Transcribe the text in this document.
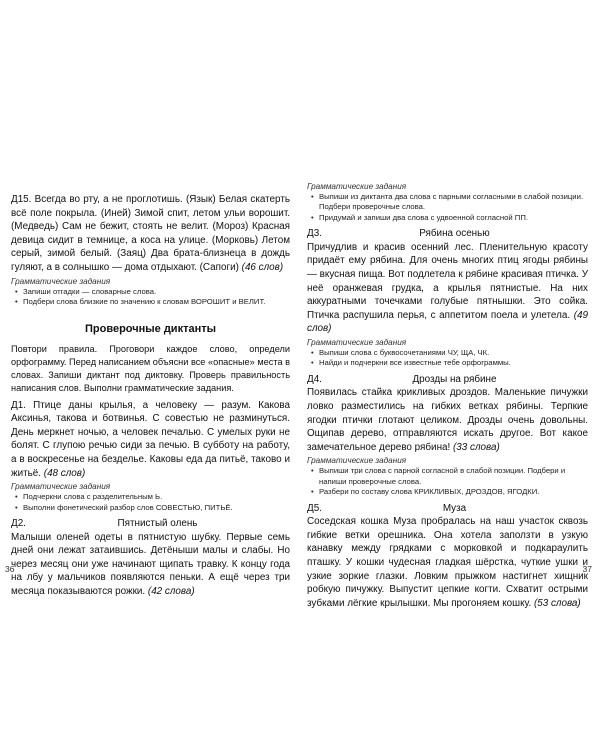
Д15. Всегда во рту, а не проглотишь. (Язык) Белая скатерть всё поле покрыла. (Иней) Зимой спит, летом ульи ворошит. (Медведь) Сам не бежит, стоять не велит. (Мороз) Красная девица сидит в темнице, а коса на улице. (Морковь) Летом серый, зимой белый. (Заяц) Два брата-близнеца в дождь гуляют, а в солнышко — дома отдыхают. (Сапоги) (46 слов)

Грамматические задания
• Запиши отгадки — словарные слова.
• Подбери слова близкие по значению к словам ВОРОШИТ и ВЕЛИТ.
Проверочные диктанты

Повтори правила. Проговори каждое слово, определи орфограмму. Перед написанием объясни все «опасные» места в словах. Запиши диктант под диктовку. Проверь правильность написания слов. Выполни грамматические задания.

Д1. Птице даны крылья, а человеку — разум. Какова Аксинья, такова и ботвинья. С совестью не разминуться. День меркнет ночью, а человек печалью. С умелых руки не болят. С глупою речью сиди за печью. В субботу на работу, а в воскресенье на безделье. Каковы еда да питьё, таково и житьё. (48 слов)

Грамматические задания
• Подчеркни слова с разделительным Ь.
• Выполни фонетический разбор слов СОВЕСТЬЮ, ПИТЬЁ.
Д2.	Пятнистый олень

Малыши оленей одеты в пятнистую шубку. Первые семь дней они лежат затаившись. Детёныши малы и слабы. Но через месяц они уже начинают щипать травку. К концу года на лбу у мальчиков появляются пеньки. А ещё через три месяца показываются рожки. (42 слова)

36
Грамматические задания
• Выпиши из диктанта два слова с парными согласными в слабой позиции. Подбери проверочные слова.
• Придумай и запиши два слова с удвоенной согласной ПП.
Д3.	Рябина осенью

Причудлив и красив осенний лес. Пленительную красоту придаёт ему рябина. Для очень многих птиц ягоды рябины — вкусная пища. Вот подлетела к рябине красивая птичка. У неё оранжевая грудка, а крылья пятнистые. На них аккуратными точечками голубые пятнышки. Это сойка. Птичка распушила перья, с аппетитом поела и улетела. (49 слов)

Грамматические задания
• Выпиши слова с буквосочетаниями ЧУ, ЩА, ЧК.
• Найди и подчеркни все известные тебе орфограммы.
Д4.	Дрозды на рябине

Появилась стайка крикливых дроздов. Маленькие пичужки ловко разместились на гибких ветках рябины. Терпкие ягодки птички глотают целиком. Дрозды очень довольны. Ощипав дерево, отправляются искать другое. Вот какое замечательное дерево рябина! (33 слова)

Грамматические задания
• Выпиши три слова с парной согласной в слабой позиции. Подбери и напиши проверочные слова.
• Разбери по составу слова КРИКЛИВЫХ, ДРОЗДОВ, ЯГОДКИ.
Д5.	Муза

Соседская кошка Муза пробралась на наш участок сквозь гибкие ветки орешника. Она хотела заползти в узкую канавку между грядками с морковкой и подкараулить пташку. У кошки чудесная гладкая шёрстка, чуткие ушки и узкие зоркие глазки. Ловким прыжком настигнет хищник робкую пичужку. Выпустит цепкие когти. Схватит острыми зубками лёгкие крылышки. Мы прогоняем кошку. (53 слова)

37
